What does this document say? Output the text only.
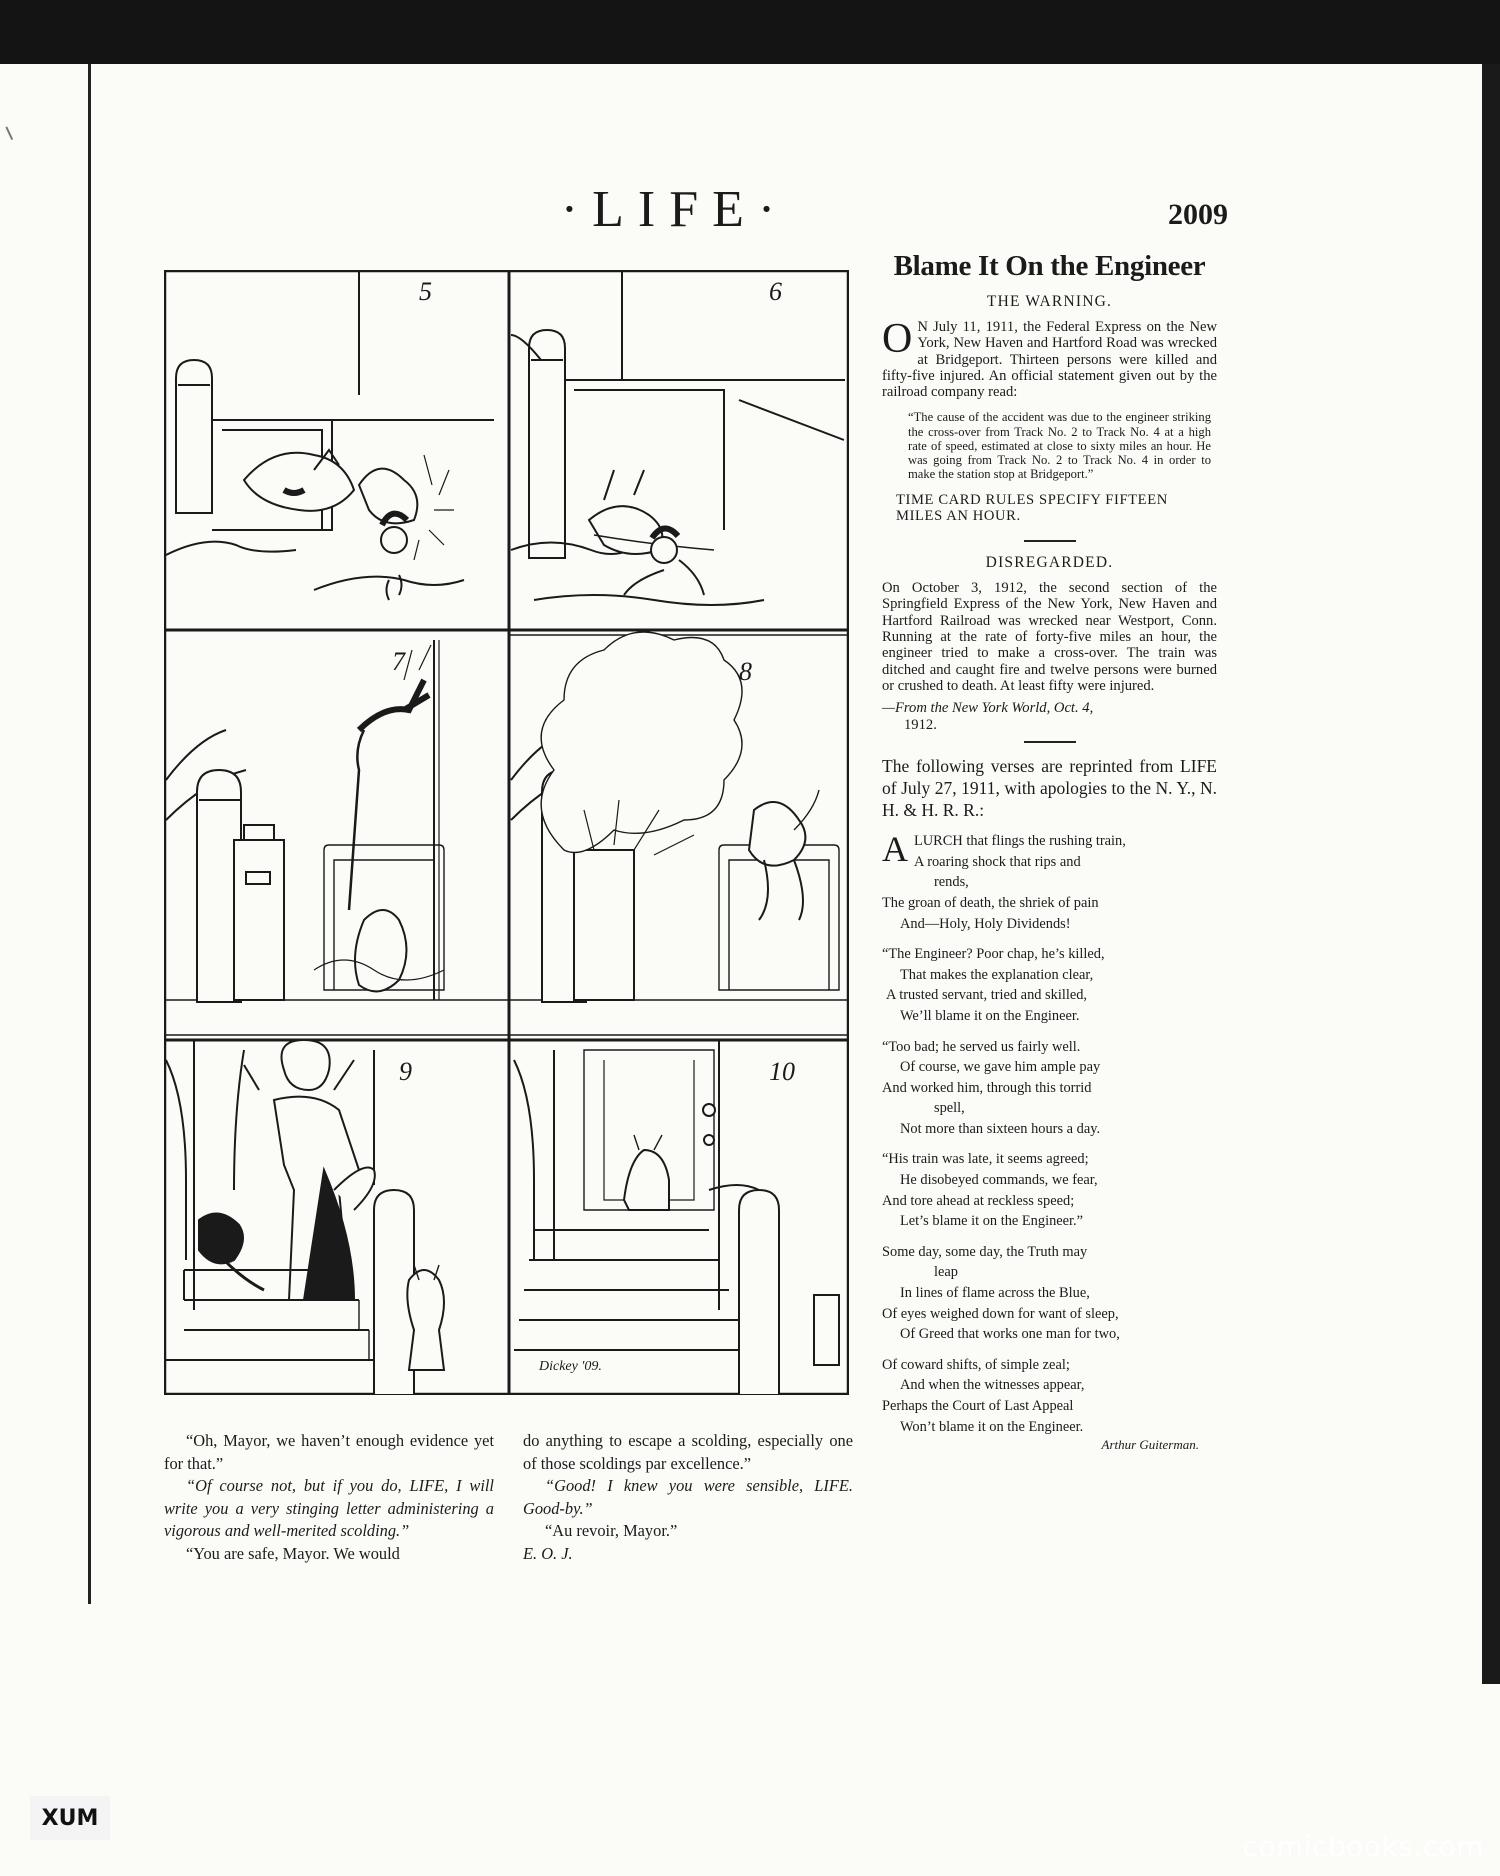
·LIFE·	2009
5	6
7	8
9
Dickey '09.
10
Blame It On the Engineer
THE WARNING.

O N July 11, 1911, the Federal Express on the New York, New Haven and Hartford Road was wrecked at Bridgeport. Thirteen persons were killed and fifty-five injured. An official statement given out by the railroad company read:

“The cause of the accident was due to the engineer striking the cross-over from Track No. 2 to Track No. 4 at a high rate of speed, estimated at close to sixty miles an hour. He was going from Track No. 2 to Track No. 4 in order to make the station stop at Bridgeport.”

TIME CARD RULES SPECIFY FIFTEEN MILES AN HOUR.
DISREGARDED.

On October 3, 1912, the second section of the Springfield Express of the New York, New Haven and Hartford Railroad was wrecked near Westport, Conn. Running at the rate of forty-five miles an hour, the engineer tried to make a cross-over. The train was ditched and caught fire and twelve persons were burned or crushed to death. At least fifty were injured.

—From the New York World, Oct. 4,
1912.

The following verses are reprinted from LIFE of July 27, 1911, with apologies to the N. Y., N. H. & H. R. R.:

A LURCH that flings the rushing train,
A roaring shock that rips and
rends,
The groan of death, the shriek of pain
And—Holy, Holy Dividends!
“The Engineer? Poor chap, he’s killed,
That makes the explanation clear,
A trusted servant, tried and skilled,
We’ll blame it on the Engineer.
“Too bad; he served us fairly well.
Of course, we gave him ample pay
And worked him, through this torrid
spell,
Not more than sixteen hours a day.
“His train was late, it seems agreed;
He disobeyed commands, we fear,
And tore ahead at reckless speed;
Let’s blame it on the Engineer.”
Some day, some day, the Truth may
leap
In lines of flame across the Blue,
Of eyes weighed down for want of sleep,
Of Greed that works one man for two,
Of coward shifts, of simple zeal;
And when the witnesses appear,
Perhaps the Court of Last Appeal
Won’t blame it on the Engineer.
Arthur Guiterman.

“Oh, Mayor, we haven’t enough evidence yet for that.”

“Of course not, but if you do, LIFE, I will write you a very stinging letter administering a vigorous and well-merited scolding.”

“You are safe, Mayor. We would

do anything to escape a scolding, especially one of those scoldings par excellence.”

“Good! I knew you were sensible, LIFE. Good-by.”

“Au revoir, Mayor.”

E. O. J.

XUM
comicbooks.com
